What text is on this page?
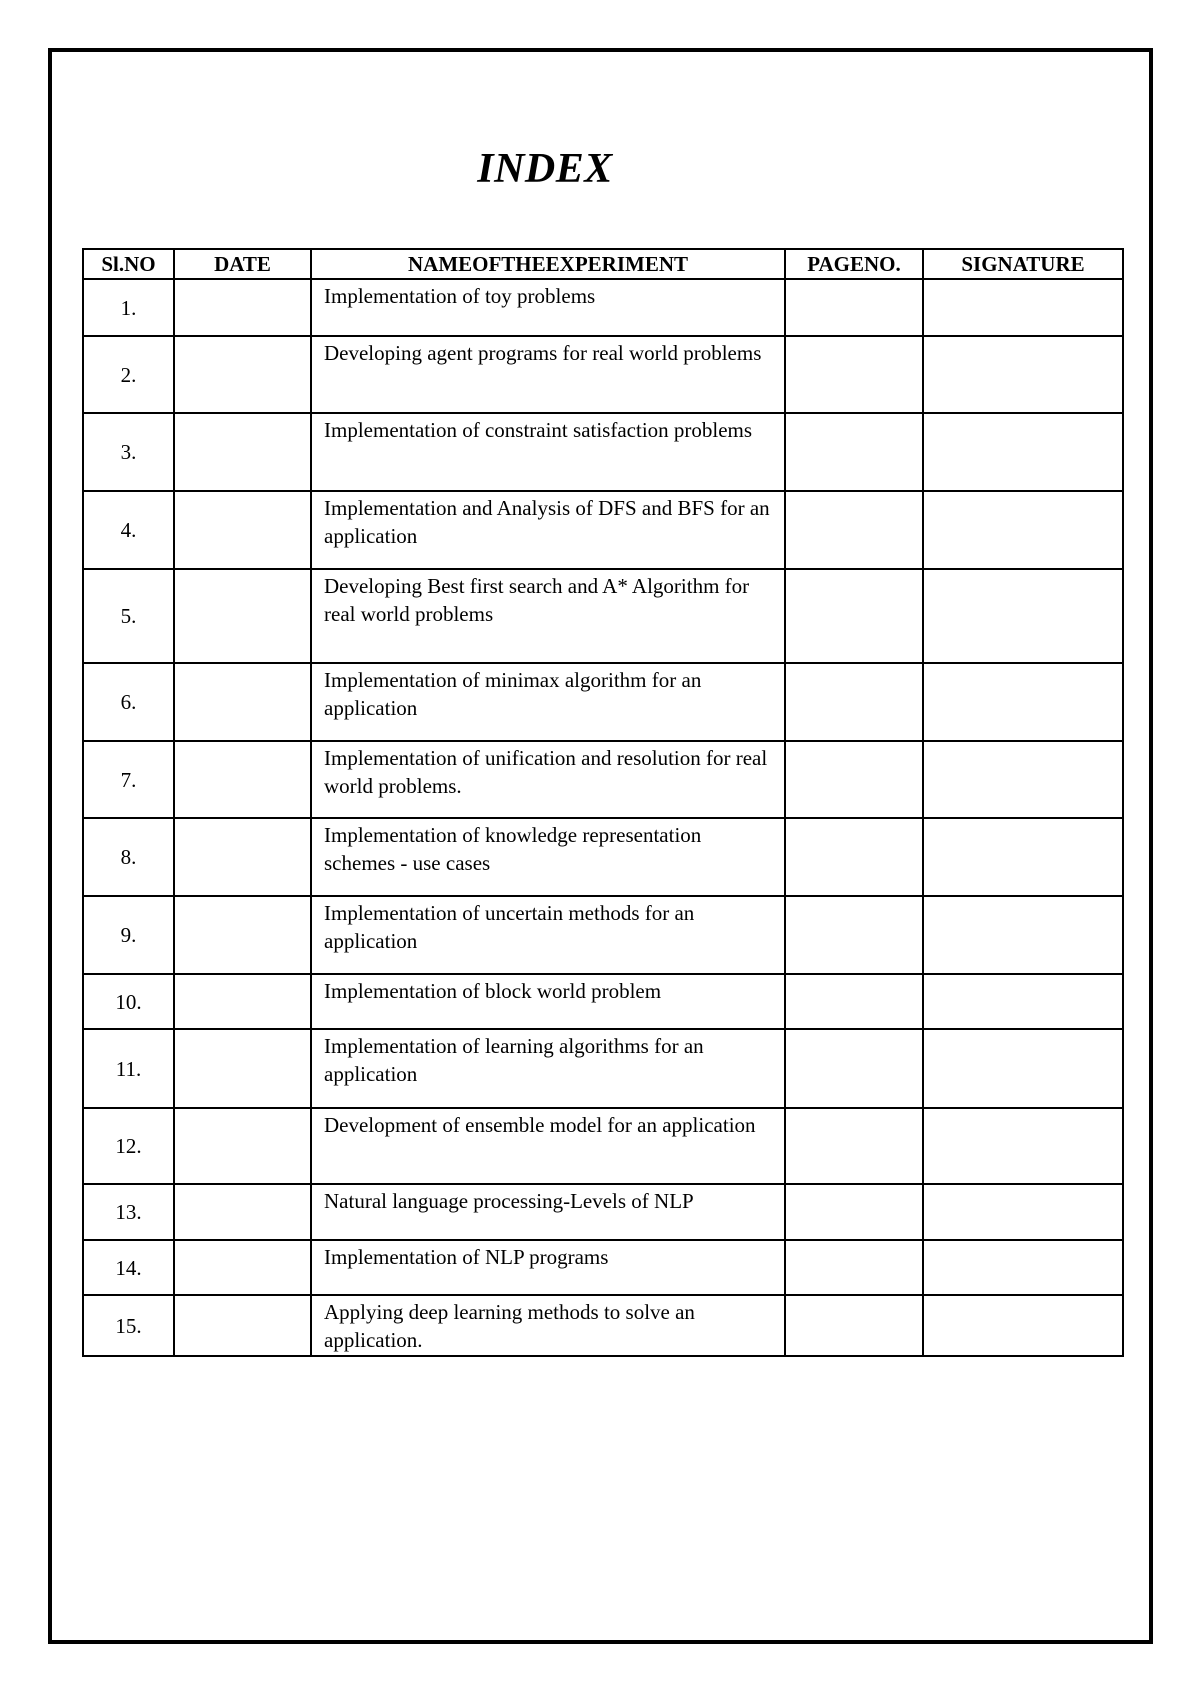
INDEX
Sl.NO	DATE	NAMEOFTHEEXPERIMENT	PAGENO.	SIGNATURE
1.		Implementation of toy problems		
2.		Developing agent programs for real world problems		
3.		Implementation of constraint satisfaction problems		
4.		Implementation and Analysis of DFS and BFS for an application		
5.		Developing Best first search and A* Algorithm for real world problems		
6.		Implementation of minimax algorithm for an application		
7.		Implementation of unification and resolution for real world problems.		
8.		Implementation of knowledge representation schemes - use cases		
9.		Implementation of uncertain methods for an application		
10.		Implementation of block world problem		
11.		Implementation of learning algorithms for an application		
12.		Development of ensemble model for an application		
13.		Natural language processing-Levels of NLP		
14.		Implementation of NLP programs		
15.		Applying deep learning methods to solve an application.		
